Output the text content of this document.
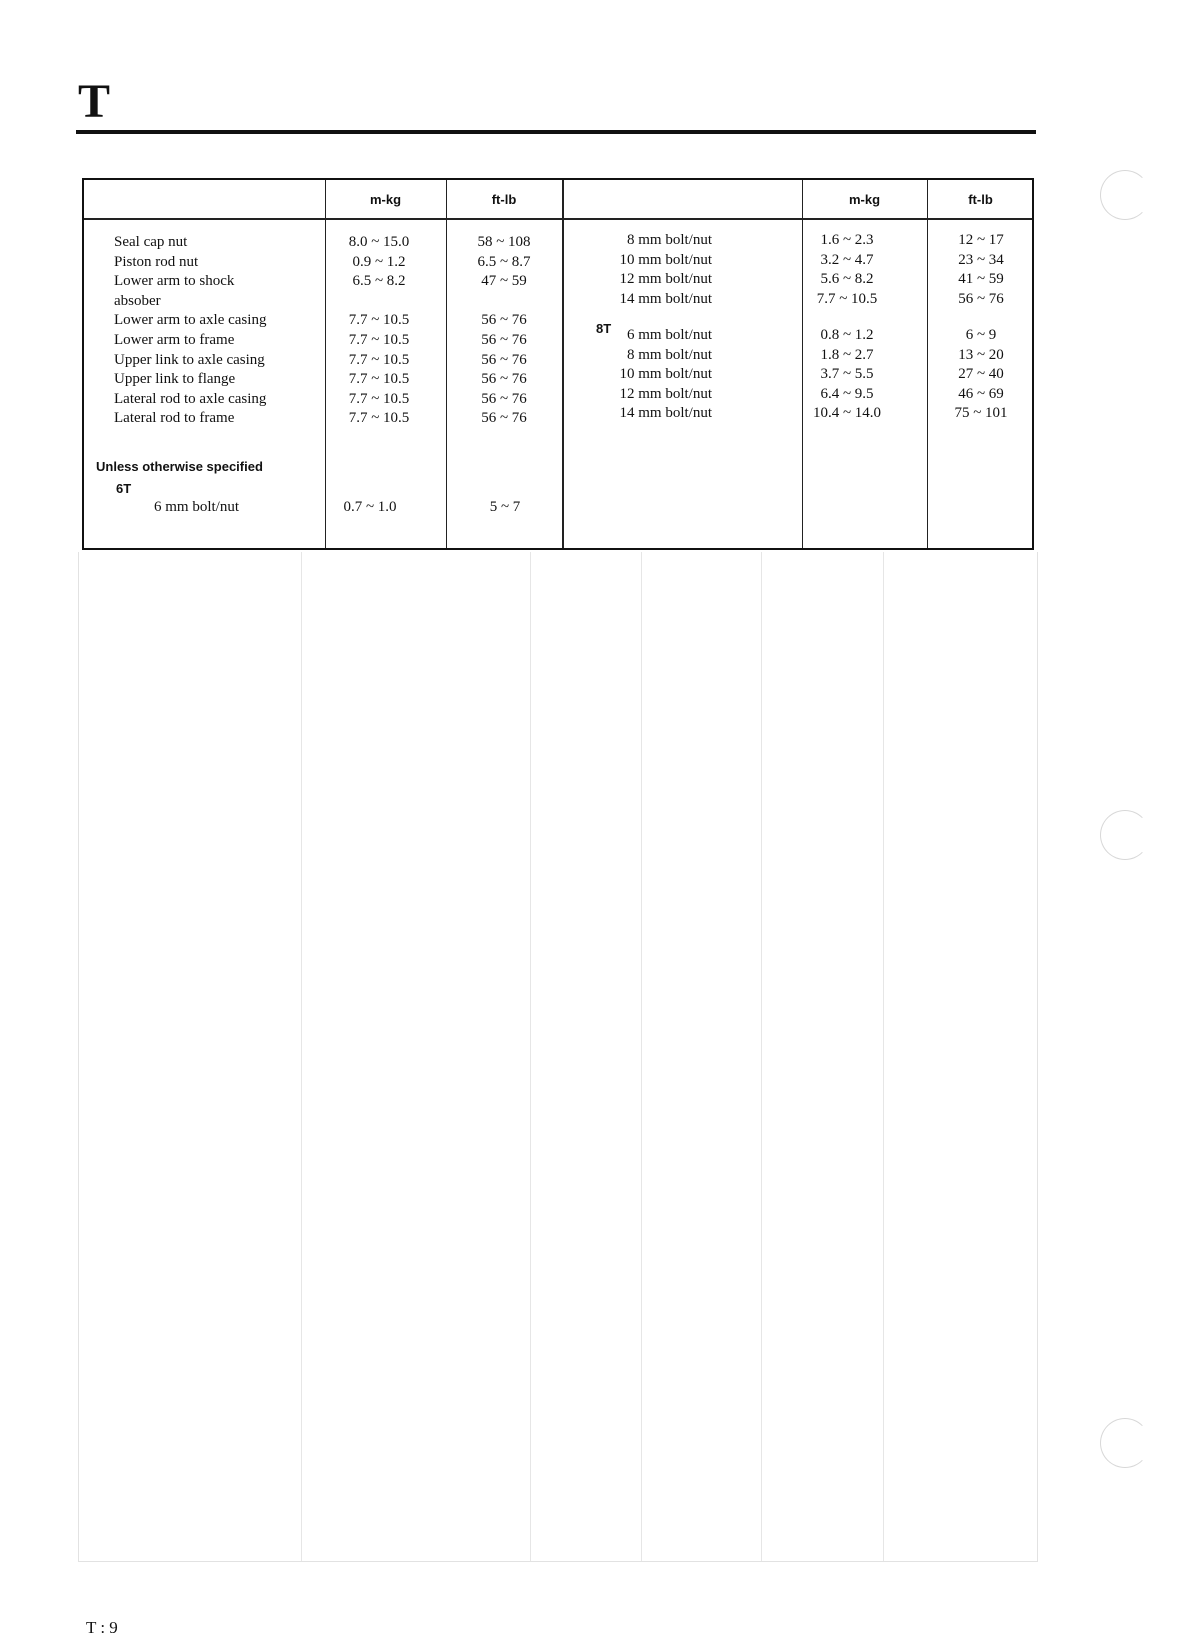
T
m-kg	ft-lb	m-kg	ft-lb
Seal cap nut	8.0 ~ 15.0	58 ~ 108
Piston rod nut	0.9 ~ 1.2	6.5 ~ 8.7
Lower arm to shock	6.5 ~ 8.2	47 ~ 59
absober
Lower arm to axle casing	7.7 ~ 10.5	56 ~ 76
Lower arm to frame	7.7 ~ 10.5	56 ~ 76
Upper link to axle casing	7.7 ~ 10.5	56 ~ 76
Upper link to flange	7.7 ~ 10.5	56 ~ 76
Lateral rod to axle casing	7.7 ~ 10.5	56 ~ 76
Lateral rod to frame	7.7 ~ 10.5	56 ~ 76
Unless otherwise specified
6T
6 mm bolt/nut	0.7 ~ 1.0	5 ~ 7
8 mm bolt/nut	1.6 ~ 2.3	12 ~ 17
10 mm bolt/nut	3.2 ~ 4.7	23 ~ 34
12 mm bolt/nut	5.6 ~ 8.2	41 ~ 59
14 mm bolt/nut	7.7 ~ 10.5	56 ~ 76
8T 6 mm bolt/nut	0.8 ~ 1.2	6 ~ 9
8 mm bolt/nut	1.8 ~ 2.7	13 ~ 20
10 mm bolt/nut	3.7 ~ 5.5	27 ~ 40
12 mm bolt/nut	6.4 ~ 9.5	46 ~ 69
14 mm bolt/nut	10.4 ~ 14.0	75 ~ 101
T : 9
